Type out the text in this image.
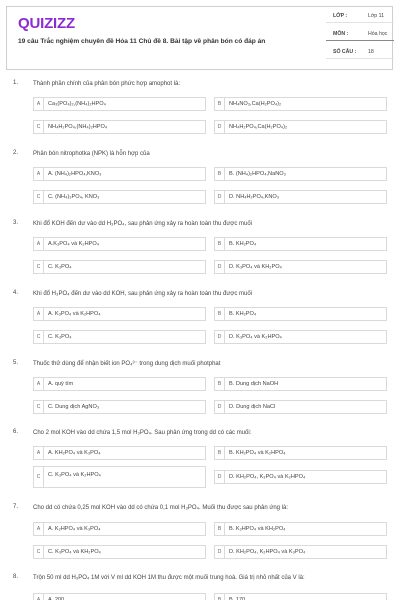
QUIZIZZ
19 câu Trắc nghiệm chuyên đề Hóa 11 Chủ đề 8. Bài tập về phân bón có đáp án
LỚP :	Lớp 11
MÔN :	Hóa học
SỐ CÂU : 18
1. Thành phần chính của phân bón phức hợp amophot là:
A	Ca₃(PO₄)₂,(NH₄)₂HPO₄	B	NH₄NO₃,Ca(H₂PO₄)₂
C	NH₄H₂PO₄,(NH₄)₂HPO₄	D	NH₄H₂PO₄,Ca(H₂PO₄)₂
2. Phân bón nitrophotka (NPK) là hỗn hợp của
A	A. (NH₄)₂HPO₄,KNO₃	B	B. (NH₄)₂HPO₄,NaNO₃
C	C. (NH₄)₃PO₄, KNO₃	D	D. NH₄H₂PO₄,KNO₃
3. Khi đổ KOH đến dư vào dd H₃PO₄, sau phản ứng xảy ra hoàn toàn thu được muối
A	A.K₃PO₄ và K₂HPO₄	B	B. KH₂PO₄
C	C. K₃PO₄	D	D. K₃PO₄ và KH₂PO₄
4. Khi đổ H₃PO₄ đến dư vào dd KOH, sau phản ứng xảy ra hoàn toàn thu được muối
A	A. K₃PO₄ và K₂HPO₄	B	B. KH₂PO₄
C	C. K₃PO₄	D	D. K₃PO₄ và K₂HPO₄
5. Thuốc thử dùng để nhận biết ion PO₄³⁻ trong dung dịch muối photphat
A	A. quỳ tím	B	B. Dung dịch NaOH
C	C. Dung dịch AgNO₃	D	D. Dung dịch NaCl
6. Cho 2 mol KOH vào dd chứa 1,5 mol H₃PO₄. Sau phản ứng trong dd có các muối:
A	A. KH₂PO₄ và K₃PO₄	B	B. KH₂PO₄ và K₂HPO₄
C	C. K₃PO₄ và K₂HPO₄	D	D. KH₂PO₄, K₃PO₄ và K₂HPO₄
7. Cho dd có chứa 0,25 mol KOH vào dd có chứa 0,1 mol H₃PO₄. Muối thu được sau phản ứng là:
A	A. K₂HPO₄ và K₃PO₄	B	B. K₂HPO₄ và KH₂PO₄
C	C. K₃PO₄ và KH₂PO₄	D	D. KH₂PO₄, K₂HPO₄ và K₃PO₄
8. Trộn 50 ml dd H₃PO₄ 1M với V ml dd KOH 1M thu được một muối trung hoà. Giá trị nhỏ nhất của V là:
A	A. 200	B	B. 170
